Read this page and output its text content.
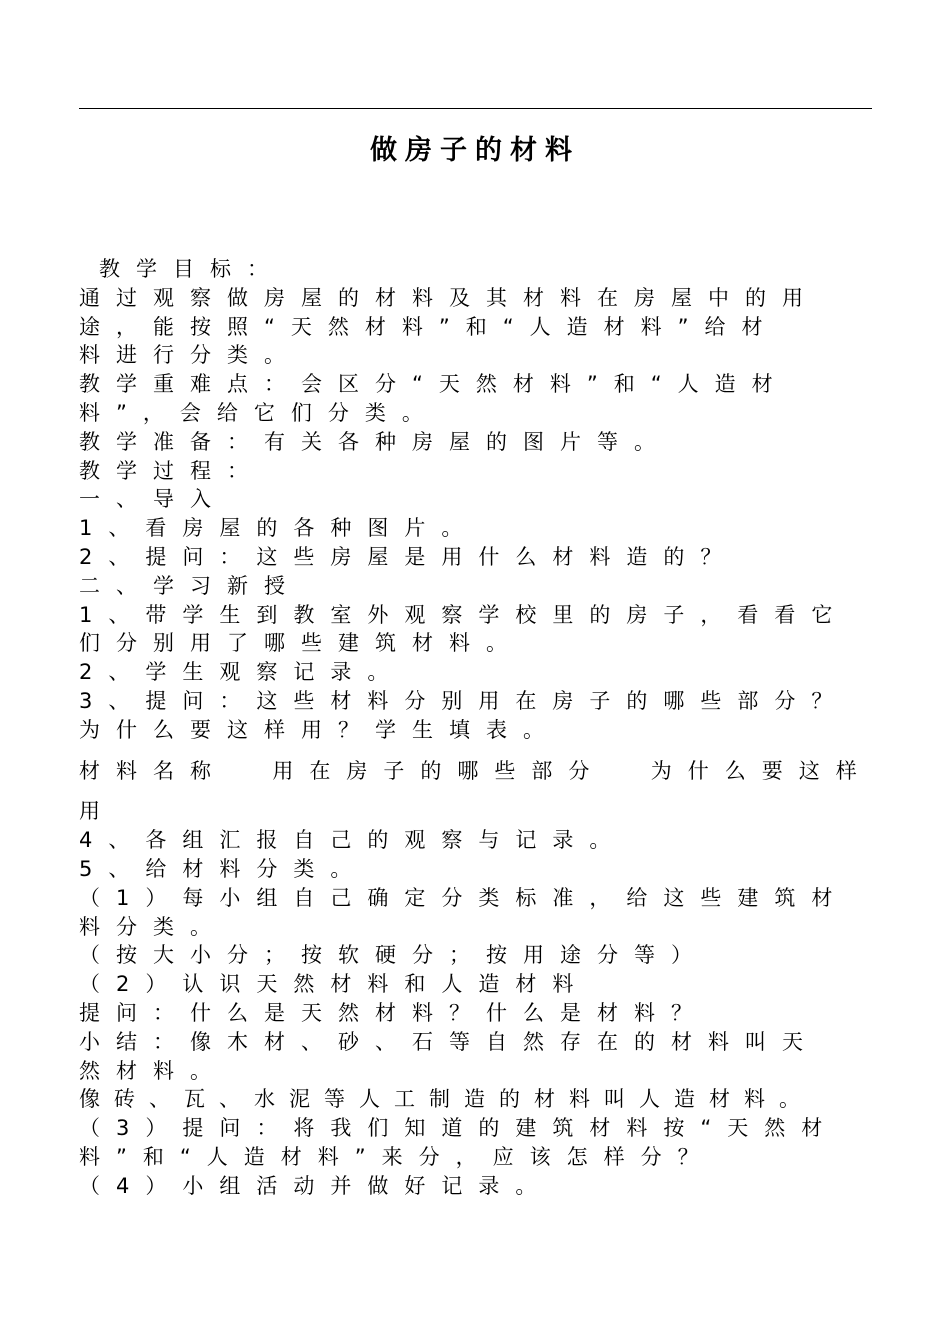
做房子的材料
教学目标：
通过观察做房屋的材料及其材料在房屋中的用
途，能按照“天然材料”和“人造材料”给材
料进行分类。
教学重难点：会区分“天然材料”和“人造材
料”，会给它们分类。
教学准备：有关各种房屋的图片等。
教学过程：
一、导入
1、看房屋的各种图片。
2、提问：这些房屋是用什么材料造的？
二、学习新授
1、带学生到教室外观察学校里的房子，看看它
们分别用了哪些建筑材料。
2、学生观察记录。
3、提问：这些材料分别用在房子的哪些部分？
为什么要这样用？学生填表。
材料名称  用在房子的哪些部分  为什么要这样
用
4、各组汇报自己的观察与记录。
5、给材料分类。
（1）每小组自己确定分类标准，给这些建筑材
料分类。
（按大小分；按软硬分；按用途分等）
（2）认识天然材料和人造材料
提问：什么是天然材料？什么是材料？
小结：像木材、砂、石等自然存在的材料叫天
然材料。
像砖、瓦、水泥等人工制造的材料叫人造材料。
（3）提问：将我们知道的建筑材料按“天然材
料”和“人造材料”来分，应该怎样分？
（4）小组活动并做好记录。
